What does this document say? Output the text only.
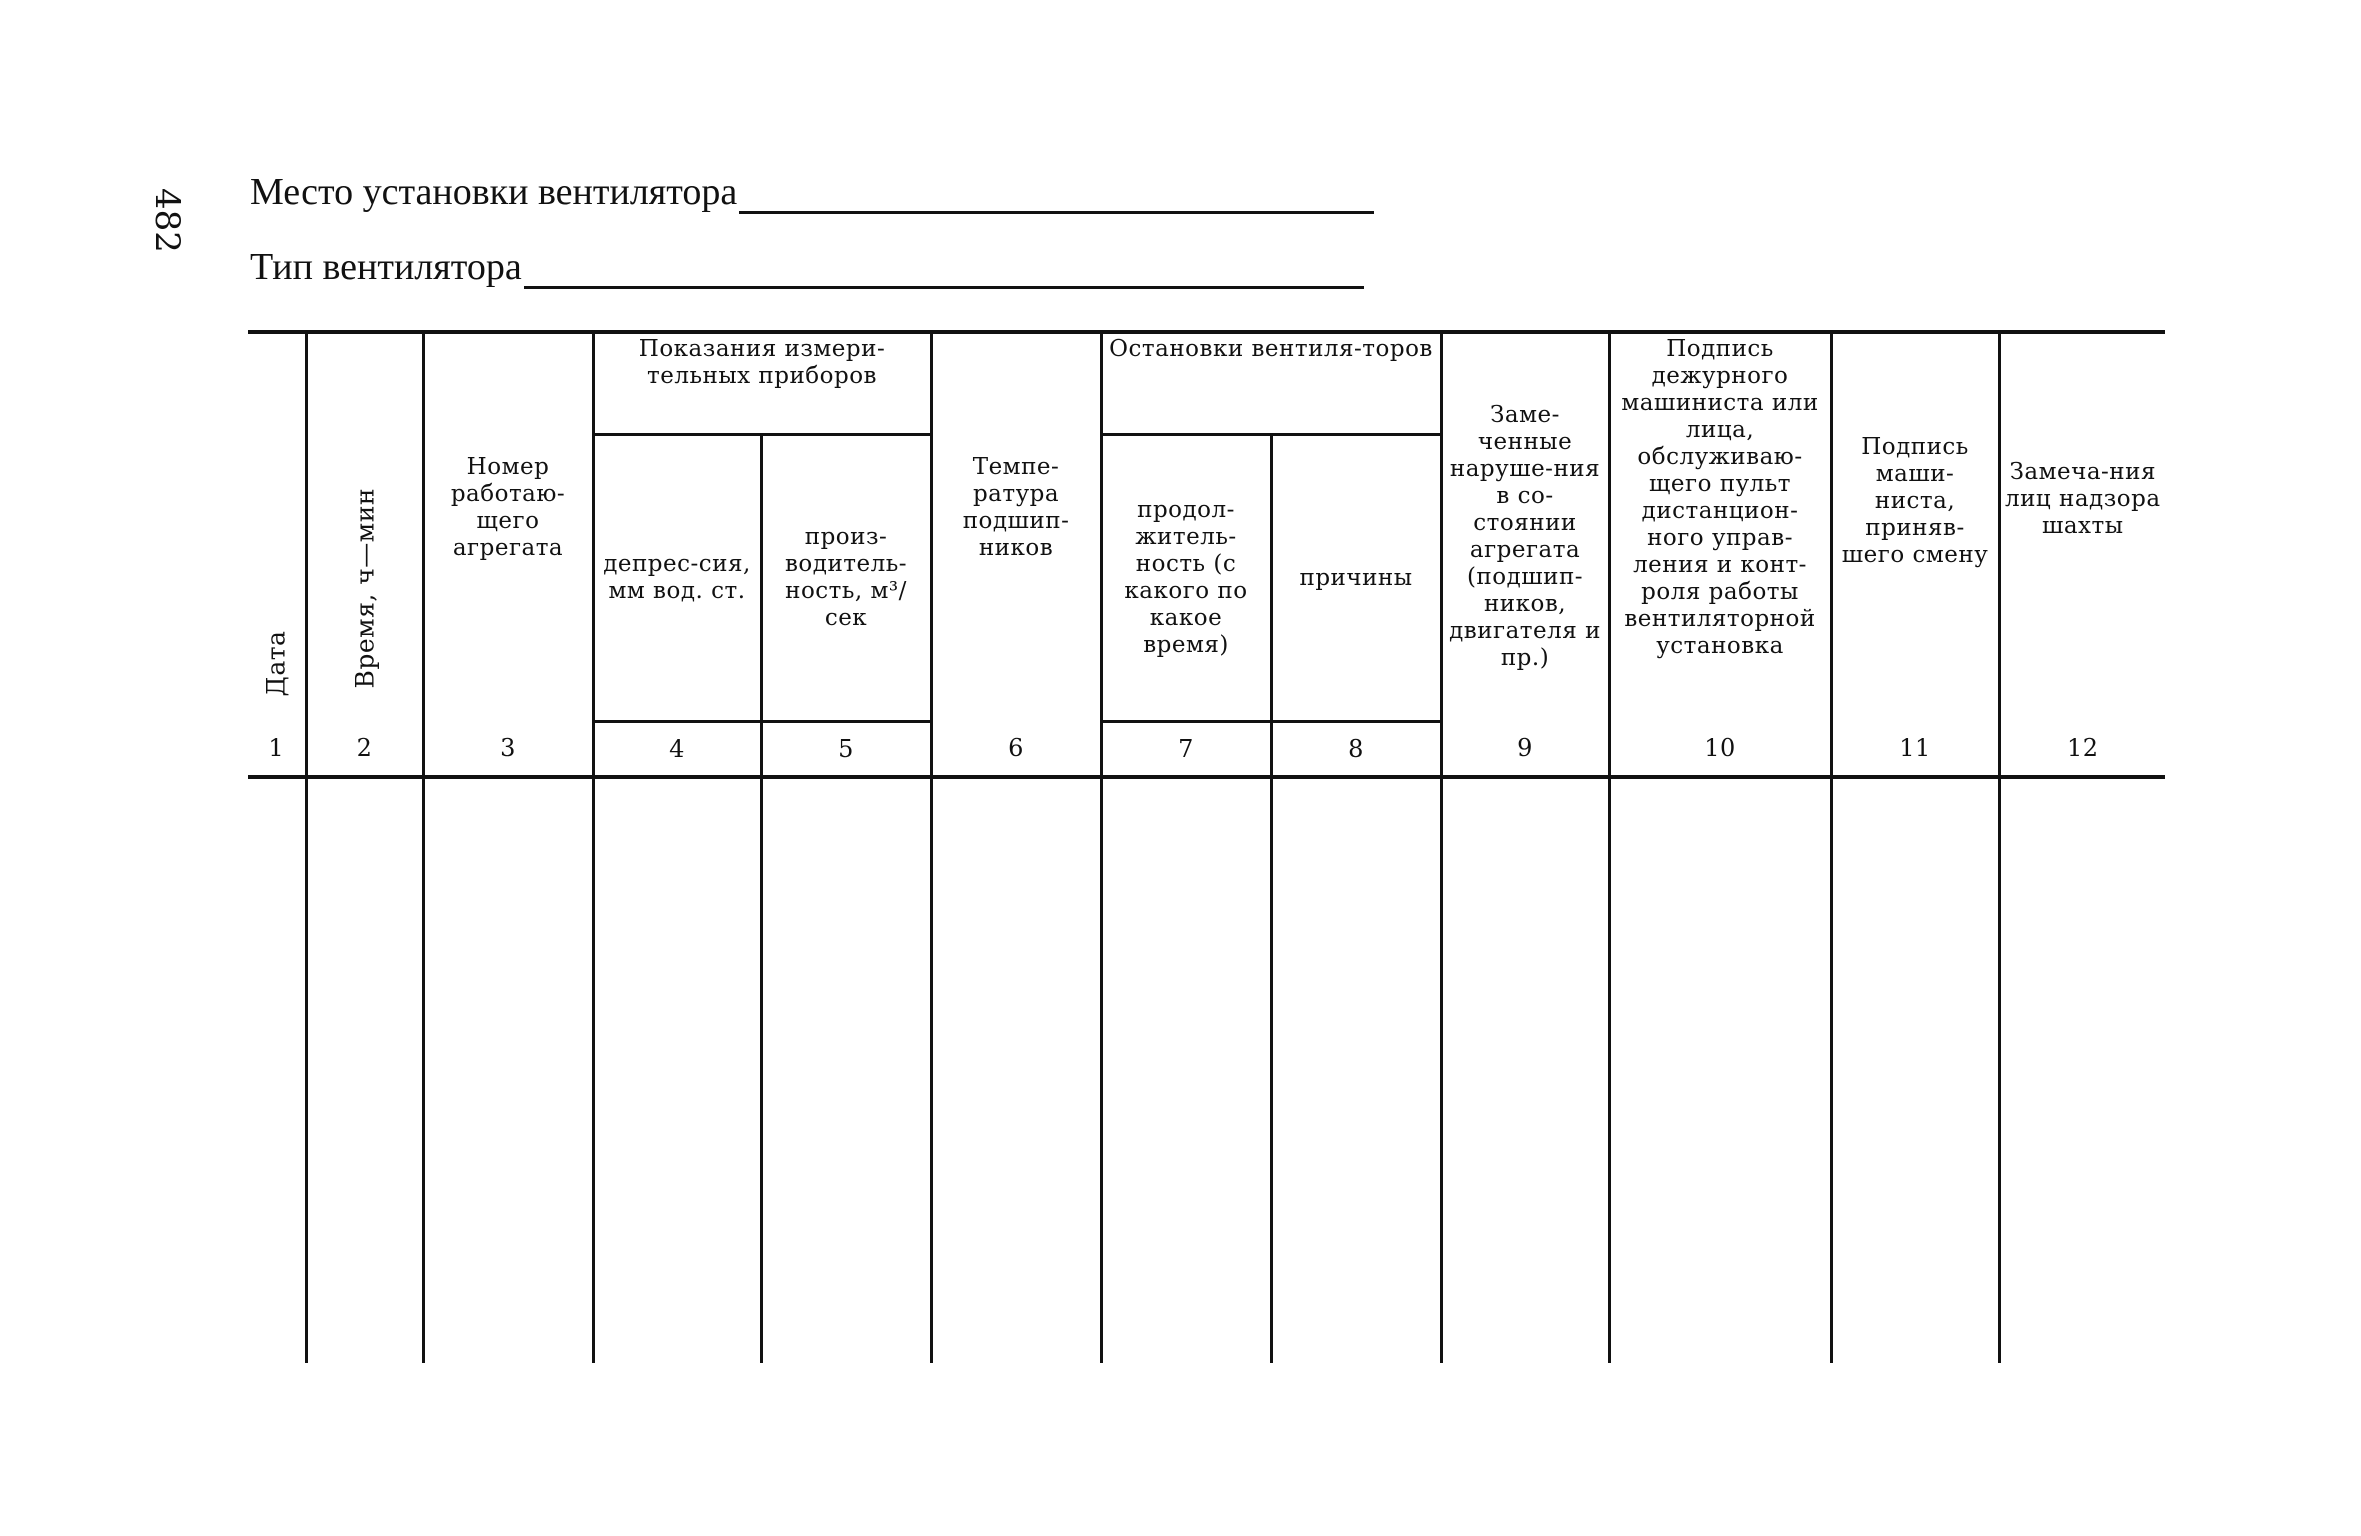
482 Место установки вентилятора
Тип вентилятора
Дата	Время, ч—мин	Номер работаю-щего агрегата	Показания измери-тельных приборов		Темпе-ратура подшип-ников	Остановки вентиля-торов		Заме-ченные наруше-ния в со-стоянии агрегата (подшип-ников, двигателя и пр.)	Подпись дежурного машиниста или лица, обслуживаю-щего пульт дистанцион-ного управ-ления и конт-роля работы вентиляторной установка	Подпись маши-ниста, приняв-шего смену	Замеча-ния лиц надзора шахты
			депрес-сия, мм вод. ст.	произ-водитель-ность, м³/сек		продол-житель-ность (с какого по какое время)	причины				
1	2	3	4	5	6	7	8	9	10	11	12
